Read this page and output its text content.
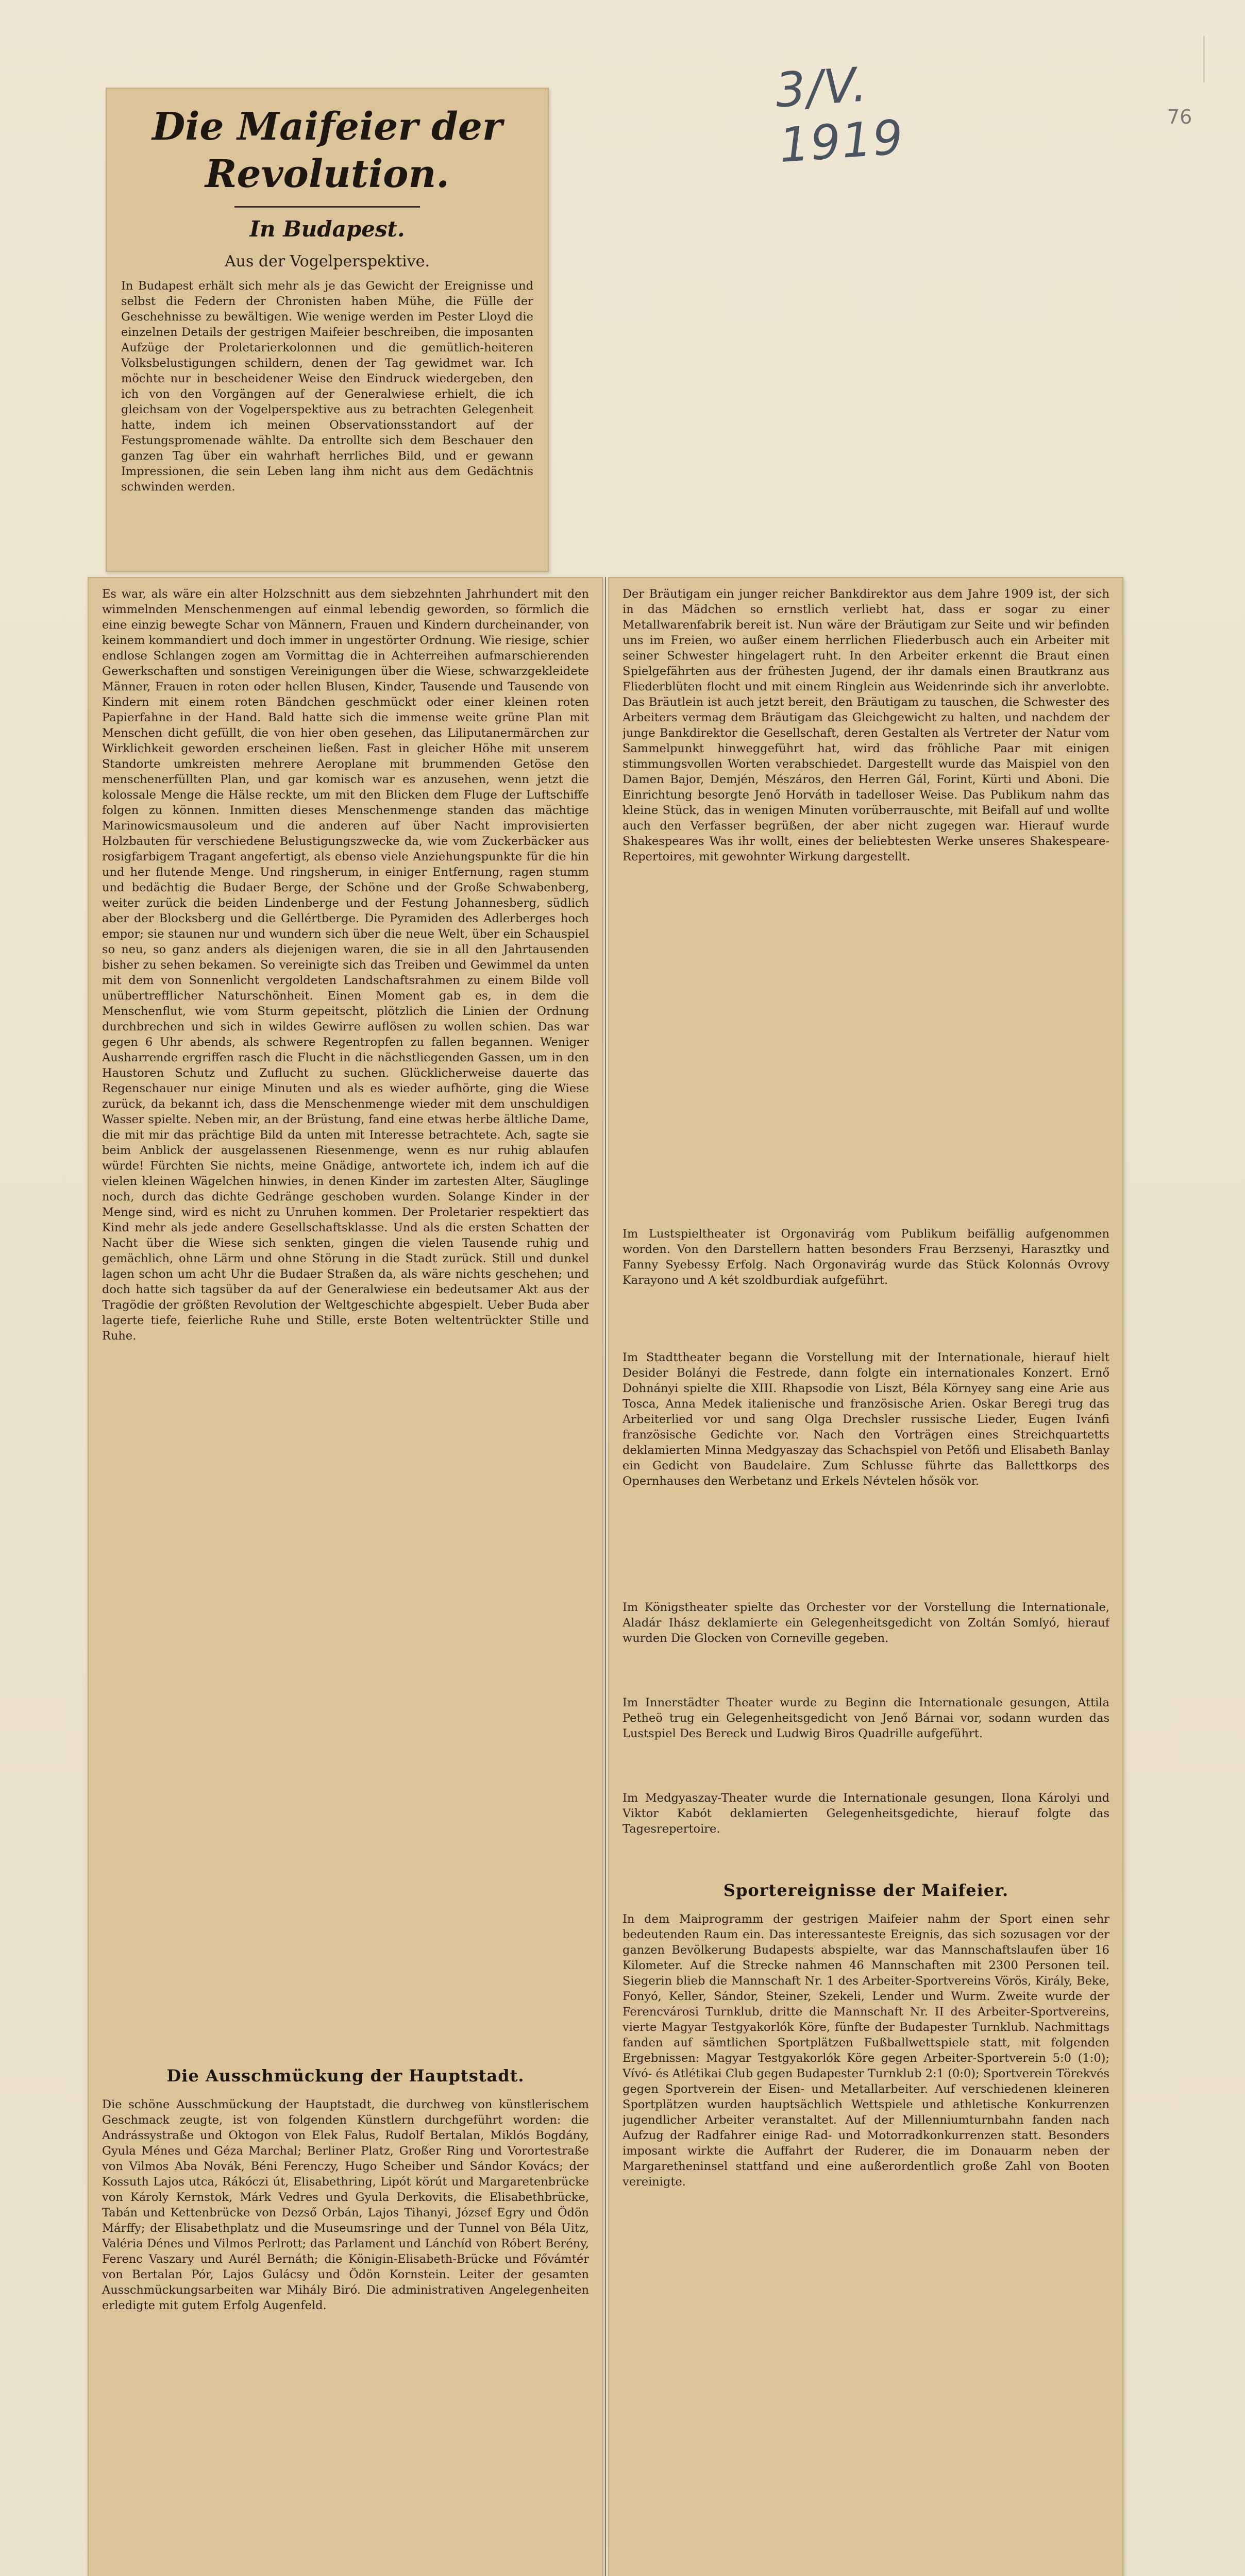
3/V. 1919	76
Die Maifeier der Revolution.
In Budapest.
Aus der Vogelperspektive.
In Budapest erhält sich mehr als je das Gewicht der Ereignisse und selbst die Federn der Chronisten haben Mühe, die Fülle der Geschehnisse zu bewältigen. Wie wenige werden im Pester Lloyd die einzelnen Details der gestrigen Maifeier beschreiben, die imposanten Aufzüge der Proletarierkolonnen und die gemütlich-heiteren Volksbelustigungen schildern, denen der Tag gewidmet war. Ich möchte nur in bescheidener Weise den Eindruck wiedergeben, den ich von den Vorgängen auf der Generalwiese erhielt, die ich gleichsam von der Vogelperspektive aus zu betrachten Gelegenheit hatte, indem ich meinen Observationsstandort auf der Festungspromenade wählte. Da entrollte sich dem Beschauer den ganzen Tag über ein wahrhaft herrliches Bild, und er gewann Impressionen, die sein Leben lang ihm nicht aus dem Gedächtnis schwinden werden.
Es war, als wäre ein alter Holzschnitt aus dem siebzehnten Jahrhundert mit den wimmelnden Menschenmengen auf einmal lebendig geworden, so förmlich die eine einzig bewegte Schar von Männern, Frauen und Kindern durcheinander, von keinem kommandiert und doch immer in ungestörter Ordnung. Wie riesige, schier endlose Schlangen zogen am Vormittag die in Achterreihen aufmarschierenden Gewerkschaften und sonstigen Vereinigungen über die Wiese, schwarzgekleidete Männer, Frauen in roten oder hellen Blusen, Kinder, Tausende und Tausende von Kindern mit einem roten Bändchen geschmückt oder einer kleinen roten Papierfahne in der Hand. Bald hatte sich die immense weite grüne Plan mit Menschen dicht gefüllt, die von hier oben gesehen, das Liliputanermärchen zur Wirklichkeit geworden erscheinen ließen. Fast in gleicher Höhe mit unserem Standorte umkreisten mehrere Aeroplane mit brummenden Getöse den menschenerfüllten Plan, und gar komisch war es anzusehen, wenn jetzt die kolossale Menge die Hälse reckte, um mit den Blicken dem Fluge der Luftschiffe folgen zu können. Inmitten dieses Menschenmenge standen das mächtige Marinowicsmausoleum und die anderen auf über Nacht improvisierten Holzbauten für verschiedene Belustigungszwecke da, wie vom Zuckerbäcker aus rosigfarbigem Tragant angefertigt, als ebenso viele Anziehungspunkte für die hin und her flutende Menge. Und ringsherum, in einiger Entfernung, ragen stumm und bedächtig die Budaer Berge, der Schöne und der Große Schwabenberg, weiter zurück die beiden Lindenberge und der Festung Johannesberg, südlich aber der Blocksberg und die Gellértberge. Die Pyramiden des Adlerberges hoch empor; sie staunen nur und wundern sich über die neue Welt, über ein Schauspiel so neu, so ganz anders als diejenigen waren, die sie in all den Jahrtausenden bisher zu sehen bekamen. So vereinigte sich das Treiben und Gewimmel da unten mit dem von Sonnenlicht vergoldeten Landschaftsrahmen zu einem Bilde voll unübertrefflicher Naturschönheit. Einen Moment gab es, in dem die Menschenflut, wie vom Sturm gepeitscht, plötzlich die Linien der Ordnung durchbrechen und sich in wildes Gewirre auflösen zu wollen schien. Das war gegen 6 Uhr abends, als schwere Regentropfen zu fallen begannen. Weniger Ausharrende ergriffen rasch die Flucht in die nächstliegenden Gassen, um in den Haustoren Schutz und Zuflucht zu suchen. Glücklicherweise dauerte das Regenschauer nur einige Minuten und als es wieder aufhörte, ging die Wiese zurück, da bekannt ich, dass die Menschenmenge wieder mit dem unschuldigen Wasser spielte. Neben mir, an der Brüstung, fand eine etwas herbe ältliche Dame, die mit mir das prächtige Bild da unten mit Interesse betrachtete. Ach, sagte sie beim Anblick der ausgelassenen Riesenmenge, wenn es nur ruhig ablaufen würde! Fürchten Sie nichts, meine Gnädige, antwortete ich, indem ich auf die vielen kleinen Wägelchen hinwies, in denen Kinder im zartesten Alter, Säuglinge noch, durch das dichte Gedränge geschoben wurden. Solange Kinder in der Menge sind, wird es nicht zu Unruhen kommen. Der Proletarier respektiert das Kind mehr als jede andere Gesellschaftsklasse. Und als die ersten Schatten der Nacht über die Wiese sich senkten, gingen die vielen Tausende ruhig und gemächlich, ohne Lärm und ohne Störung in die Stadt zurück. Still und dunkel lagen schon um acht Uhr die Budaer Straßen da, als wäre nichts geschehen; und doch hatte sich tagsüber da auf der Generalwiese ein bedeutsamer Akt aus der Tragödie der größten Revolution der Weltgeschichte abgespielt. Ueber Buda aber lagerte tiefe, feierliche Ruhe und Stille, erste Boten weltentrückter Stille und Ruhe.
Die Ausschmückung der Hauptstadt.
Die schöne Ausschmückung der Hauptstadt, die durchweg von künstlerischem Geschmack zeugte, ist von folgenden Künstlern durchgeführt worden: die Andrássystraße und Oktogon von Elek Falus, Rudolf Bertalan, Miklós Bogdány, Gyula Ménes und Géza Marchal; Berliner Platz, Großer Ring und Vorortestraße von Vilmos Aba Novák, Béni Ferenczy, Hugo Scheiber und Sándor Kovács; der Kossuth Lajos utca, Rákóczi út, Elisabethring, Lipót körút und Margaretenbrücke von Károly Kernstok, Márk Vedres und Gyula Derkovits, die Elisabethbrücke, Tabán und Kettenbrücke von Dezső Orbán, Lajos Tihanyi, József Egry und Ödön Márffy; der Elisabethplatz und die Museumsringe und der Tunnel von Béla Uitz, Valéria Dénes und Vilmos Perlrott; das Parlament und Lánchíd von Róbert Berény, Ferenc Vaszary und Aurél Bernáth; die Königin-Elisabeth-Brücke und Fővámtér von Bertalan Pór, Lajos Gulácsy und Ödön Kornstein. Leiter der gesamten Ausschmückungsarbeiten war Mihály Biró. Die administrativen Angelegenheiten erledigte mit gutem Erfolg Augenfeld.
Der Bräutigam ein junger reicher Bankdirektor aus dem Jahre 1909 ist, der sich in das Mädchen so ernstlich verliebt hat, dass er sogar zu einer Metallwarenfabrik bereit ist. Nun wäre der Bräutigam zur Seite und wir befinden uns im Freien, wo außer einem herrlichen Fliederbusch auch ein Arbeiter mit seiner Schwester hingelagert ruht. In den Arbeiter erkennt die Braut einen Spielgefährten aus der frühesten Jugend, der ihr damals einen Brautkranz aus Fliederblüten flocht und mit einem Ringlein aus Weidenrinde sich ihr anverlobte. Das Bräutlein ist auch jetzt bereit, den Bräutigam zu tauschen, die Schwester des Arbeiters vermag dem Bräutigam das Gleichgewicht zu halten, und nachdem der junge Bankdirektor die Gesellschaft, deren Gestalten als Vertreter der Natur vom Sammelpunkt hinweggeführt hat, wird das fröhliche Paar mit einigen stimmungsvollen Worten verabschiedet. Dargestellt wurde das Maispiel von den Damen Bajor, Demjén, Mészáros, den Herren Gál, Forint, Kürti und Aboni. Die Einrichtung besorgte Jenő Horváth in tadelloser Weise. Das Publikum nahm das kleine Stück, das in wenigen Minuten vorüberrauschte, mit Beifall auf und wollte auch den Verfasser begrüßen, der aber nicht zugegen war. Hierauf wurde Shakespeares Was ihr wollt, eines der beliebtesten Werke unseres Shakespeare-Repertoires, mit gewohnter Wirkung dargestellt.
Im Lustspieltheater ist Orgonavirág vom Publikum beifällig aufgenommen worden. Von den Darstellern hatten besonders Frau Berzsenyi, Harasztky und Fanny Syebessy Erfolg. Nach Orgonavirág wurde das Stück Kolonnás Ovrovy Karayono und A két szoldburdiak aufgeführt.
Im Stadttheater begann die Vorstellung mit der Internationale, hierauf hielt Desider Bolányi die Festrede, dann folgte ein internationales Konzert. Ernő Dohnányi spielte die XIII. Rhapsodie von Liszt, Béla Környey sang eine Arie aus Tosca, Anna Medek italienische und französische Arien. Oskar Beregi trug das Arbeiterlied vor und sang Olga Drechsler russische Lieder, Eugen Ivánfi französische Gedichte vor. Nach den Vorträgen eines Streichquartetts deklamierten Minna Medgyaszay das Schachspiel von Petőfi und Elisabeth Banlay ein Gedicht von Baudelaire. Zum Schlusse führte das Ballettkorps des Opernhauses den Werbetanz und Erkels Névtelen hősök vor.
Im Königstheater spielte das Orchester vor der Vorstellung die Internationale, Aladár Ihász deklamierte ein Gelegenheitsgedicht von Zoltán Somlyó, hierauf wurden Die Glocken von Corneville gegeben.
Im Innerstädter Theater wurde zu Beginn die Internationale gesungen, Attila Petheö trug ein Gelegenheitsgedicht von Jenő Bárnai vor, sodann wurden das Lustspiel Des Bereck und Ludwig Biros Quadrille aufgeführt.
Im Medgyaszay-Theater wurde die Internationale gesungen, Ilona Károlyi und Viktor Kabót deklamierten Gelegenheitsgedichte, hierauf folgte das Tagesrepertoire.
Sportereignisse der Maifeier.
In dem Maiprogramm der gestrigen Maifeier nahm der Sport einen sehr bedeutenden Raum ein. Das interessanteste Ereignis, das sich sozusagen vor der ganzen Bevölkerung Budapests abspielte, war das Mannschaftslaufen über 16 Kilometer. Auf die Strecke nahmen 46 Mannschaften mit 2300 Personen teil. Siegerin blieb die Mannschaft Nr. 1 des Arbeiter-Sportvereins Vörös, Király, Beke, Fonyó, Keller, Sándor, Steiner, Szekeli, Lender und Wurm. Zweite wurde der Ferencvárosi Turnklub, dritte die Mannschaft Nr. II des Arbeiter-Sportvereins, vierte Magyar Testgyakorlók Köre, fünfte der Budapester Turnklub. Nachmittags fanden auf sämtlichen Sportplätzen Fußballwettspiele statt, mit folgenden Ergebnissen: Magyar Testgyakorlók Köre gegen Arbeiter-Sportverein 5:0 (1:0); Vívó- és Atlétikai Club gegen Budapester Turnklub 2:1 (0:0); Sportverein Törekvés gegen Sportverein der Eisen- und Metallarbeiter. Auf verschiedenen kleineren Sportplätzen wurden hauptsächlich Wettspiele und athletische Konkurrenzen jugendlicher Arbeiter veranstaltet. Auf der Millenniumturnbahn fanden nach Aufzug der Radfahrer einige Rad- und Motorradkonkurrenzen statt. Besonders imposant wirkte die Auffahrt der Ruderer, die im Donauarm neben der Margaretheninsel stattfand und eine außerordentlich große Zahl von Booten vereinigte.
